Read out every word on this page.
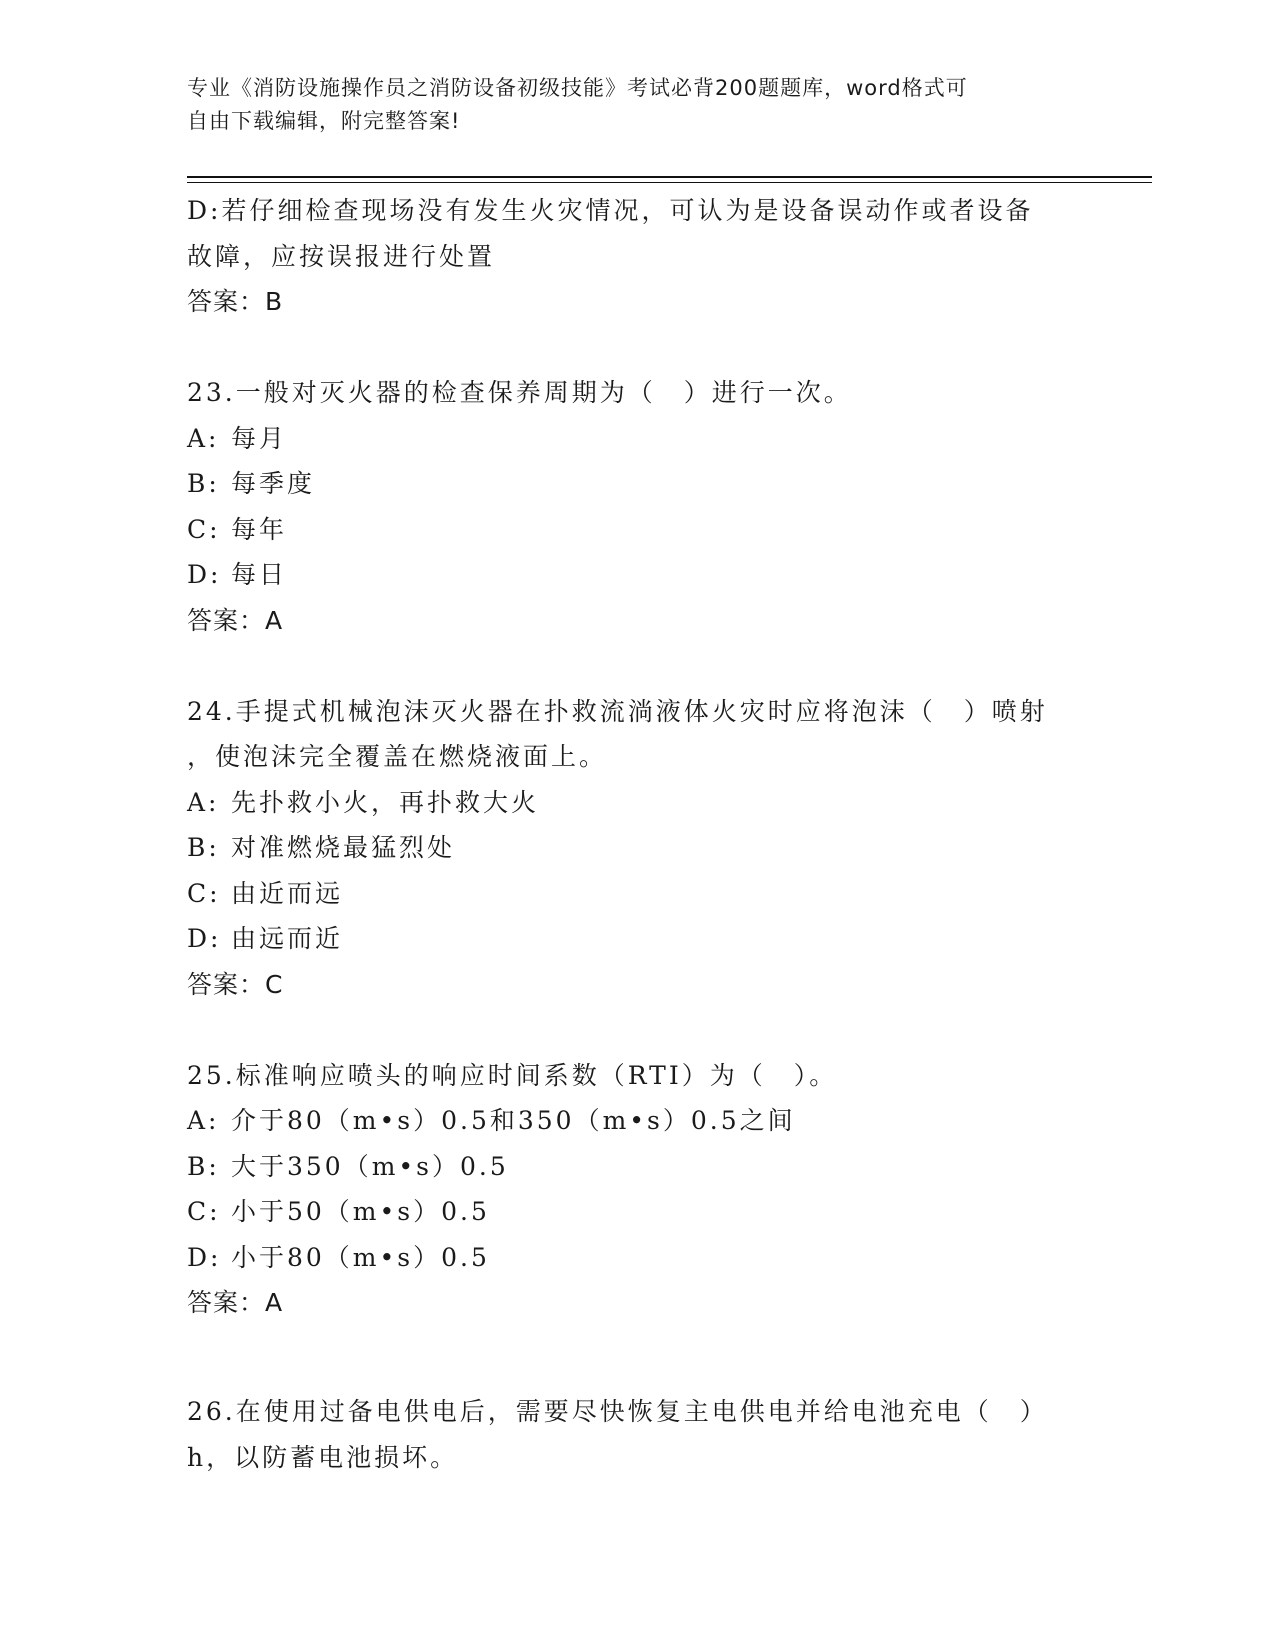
专业《消防设施操作员之消防设备初级技能》考试必背200题题库，word格式可
自由下载编辑，附完整答案!
D:若仔细检查现场没有发生火灾情况，可认为是设备误动作或者设备
故障，应按误报进行处置
答案：B
23.一般对灭火器的检查保养周期为（　）进行一次。
A: 每月
B: 每季度
C: 每年
D: 每日
答案：A
24.手提式机械泡沫灭火器在扑救流淌液体火灾时应将泡沫（　）喷射
，使泡沫完全覆盖在燃烧液面上。
A: 先扑救小火，再扑救大火
B: 对准燃烧最猛烈处
C: 由近而远
D: 由远而近
答案：C
25.标准响应喷头的响应时间系数（RTI）为（　）。
A: 介于80（m•s）0.5和350（m•s）0.5之间
B: 大于350（m•s）0.5
C: 小于50（m•s）0.5
D: 小于80（m•s）0.5
答案：A
26.在使用过备电供电后，需要尽快恢复主电供电并给电池充电（　）
h，以防蓄电池损坏。
